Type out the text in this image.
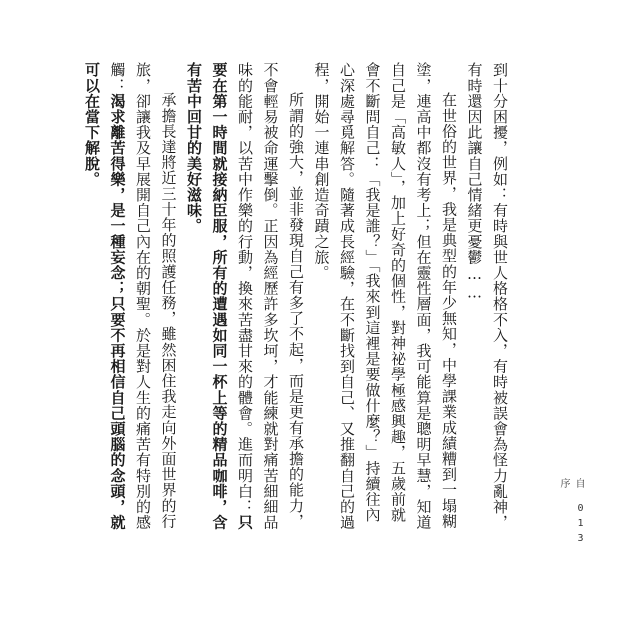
到十分困擾，例如：有時與世人格格不入，有時被誤會為怪力亂神，有時還因此讓自己情緒更憂鬱……

在世俗的世界，我是典型的年少無知，中學課業成績糟到一塌糊塗，連高中都沒有考上；但在靈性層面，我可能算是聰明早慧，知道自己是「高敏人」，加上好奇的個性，對神祕學極感興趣，五歲前就會不斷問自己：「我是誰？」「我來到這裡是要做什麼？」持續往內心深處尋覓解答。隨著成長經驗，在不斷找到自己、又推翻自己的過程，開始一連串創造奇蹟之旅。

所謂的強大，並非發現自己有多了不起，而是更有承擔的能力，不會輕易被命運擊倒。正因為經歷許多坎坷，才能練就對痛苦細細品味的能耐，以苦中作樂的行動，換來苦盡甘來的體會。進而明白：只要在第一時間就接納臣服，所有的遭遇如同一杯上等的精品咖啡，含有苦中回甘的美好滋味。

承擔長達將近三十年的照護任務，雖然困住我走向外面世界的行旅，卻讓我及早展開自己內在的朝聖。於是對人生的痛苦有特別的感觸：渴求離苦得樂，是一種妄念；只要不再相信自己頭腦的念頭，就可以在當下解脫。

自序
013
